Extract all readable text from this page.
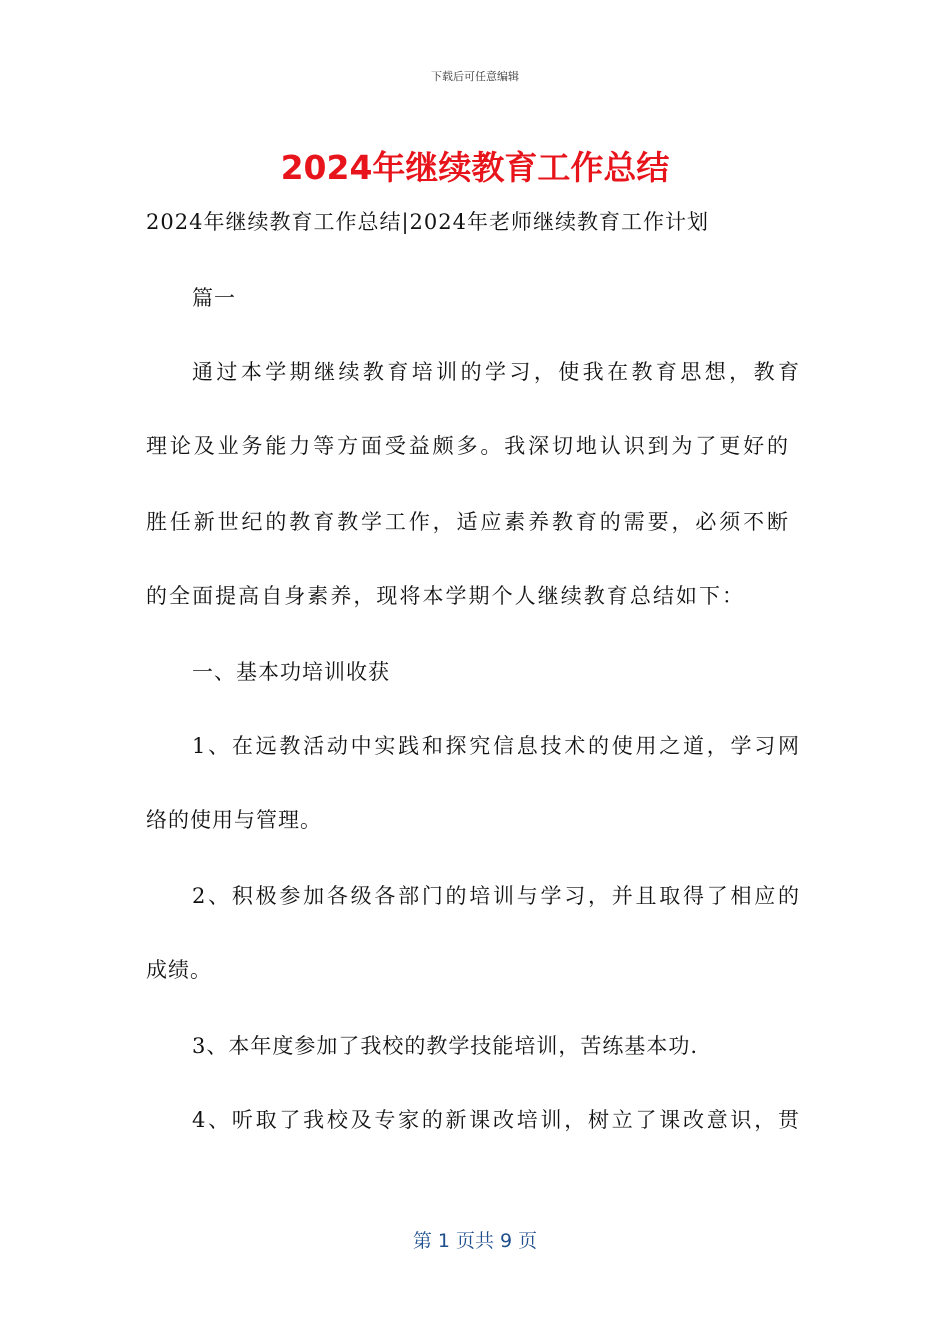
下载后可任意编辑
2024年继续教育工作总结
2024年继续教育工作总结|2024年老师继续教育工作计划
篇一
通过本学期继续教育培训的学习，使我在教育思想，教育
理论及业务能力等方面受益颇多。我深切地认识到为了更好的
胜任新世纪的教育教学工作，适应素养教育的需要，必须不断
的全面提高自身素养，现将本学期个人继续教育总结如下：
一、基本功培训收获
1、在远教活动中实践和探究信息技术的使用之道，学习网
络的使用与管理。
2、积极参加各级各部门的培训与学习，并且取得了相应的
成绩。
3、本年度参加了我校的教学技能培训，苦练基本功.
4、听取了我校及专家的新课改培训，树立了课改意识，贯
第 1 页共 9 页
